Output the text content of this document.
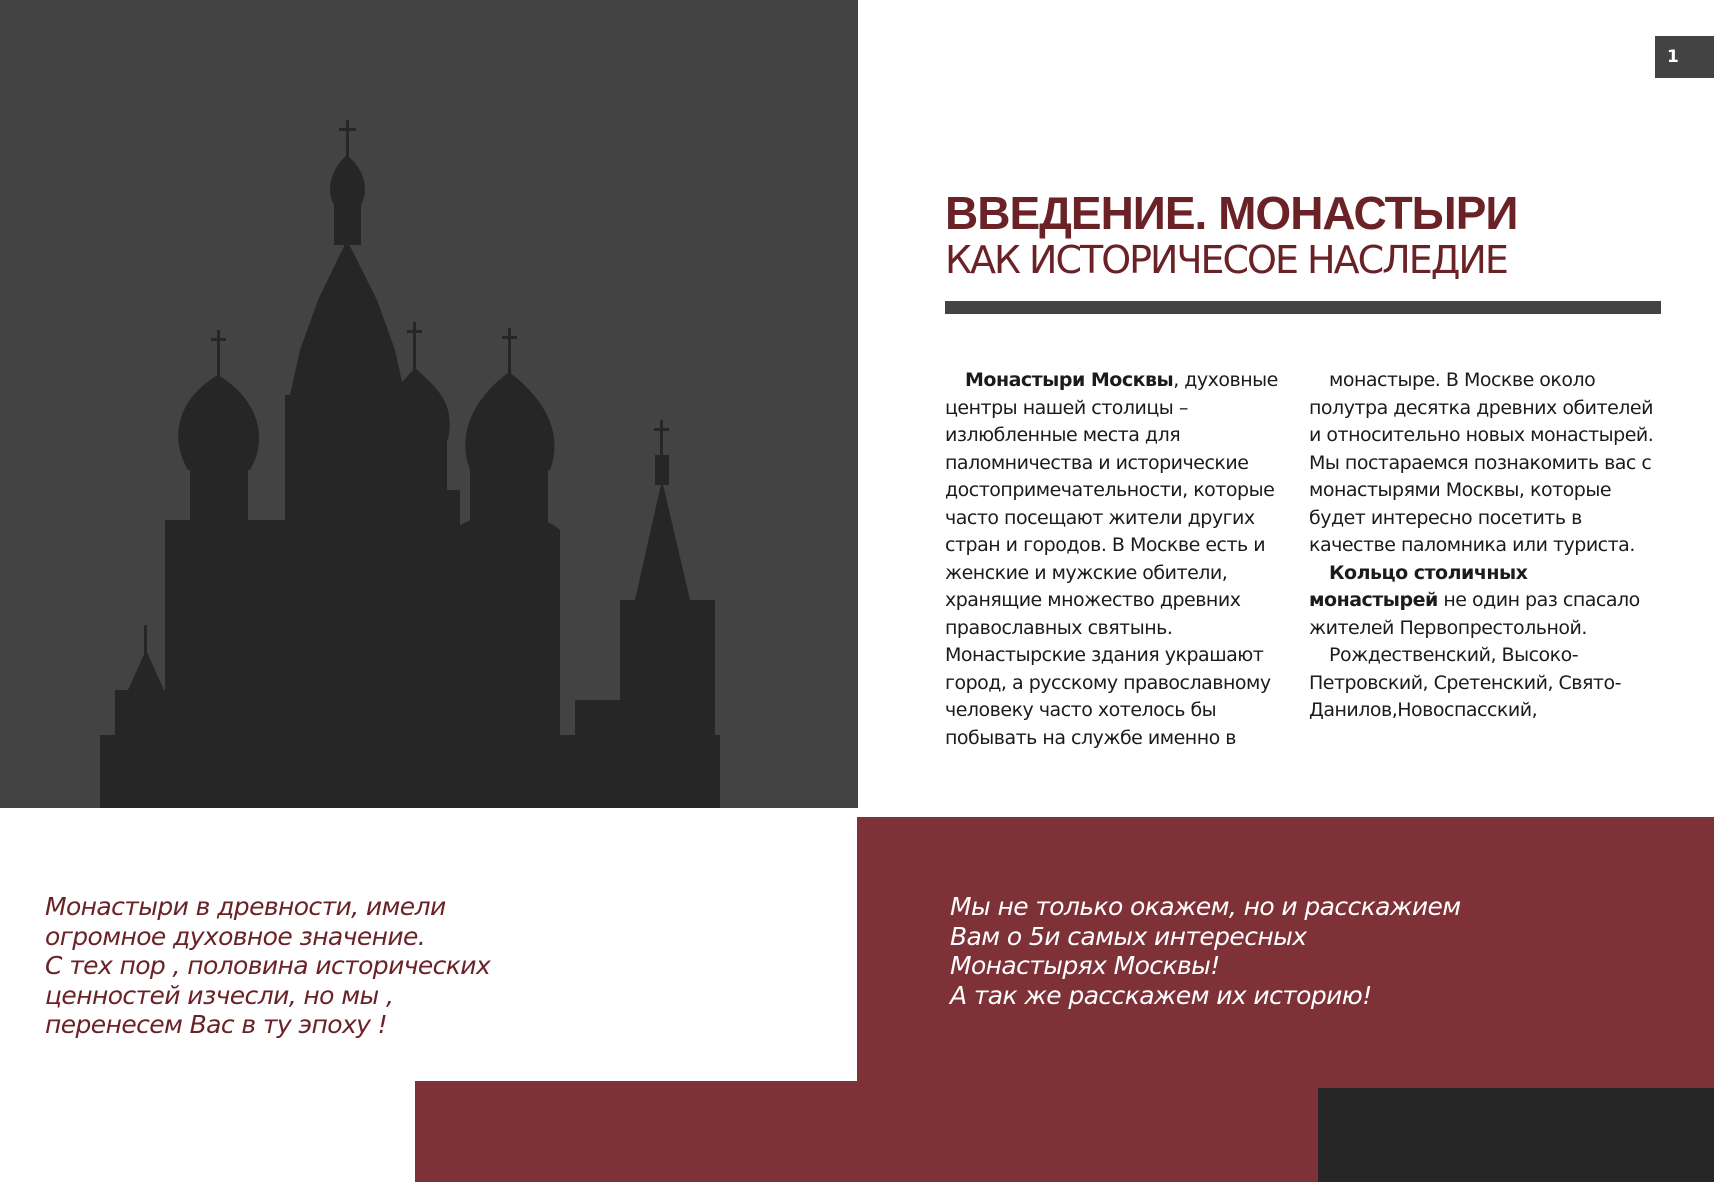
1
ВВЕДЕНИЕ. МОНАСТЫРИ
КАК ИСТОРИЧЕСОЕ НАСЛЕДИЕ

Монастыри Москвы, духовные центры нашей столицы – излюбленные места для паломничества и исторические достопримечательности, которые часто посещают жители других стран и городов. В Москве есть и женские и мужские обители, хранящие множество древних православных святынь. Монастырские здания украшают город, а русскому православному человеку часто хотелось бы побывать на службе именно в

монастыре. В Москве около полутра десятка древних обителей и относительно новых монастырей. Мы постараемся познакомить вас с монастырями Москвы, которые будет интересно посетить в качестве паломника или туриста.

Кольцо столичных монастырей не один раз спасало жителей Первопрестольной.

Рождественский, Высоко-Петровский, Сретенский, Свято-Данилов,Новоспасский,

Монастыри в древности, имели
огромное духовное значение.
С тех пор , половина исторических
ценностей изчесли, но мы ,
перенесем Вас в ту эпоху !
Мы не только окажем, но и расскажием
Вам о 5и самых интересных
Монастырях Москвы!
А так же расскажем их историю!
